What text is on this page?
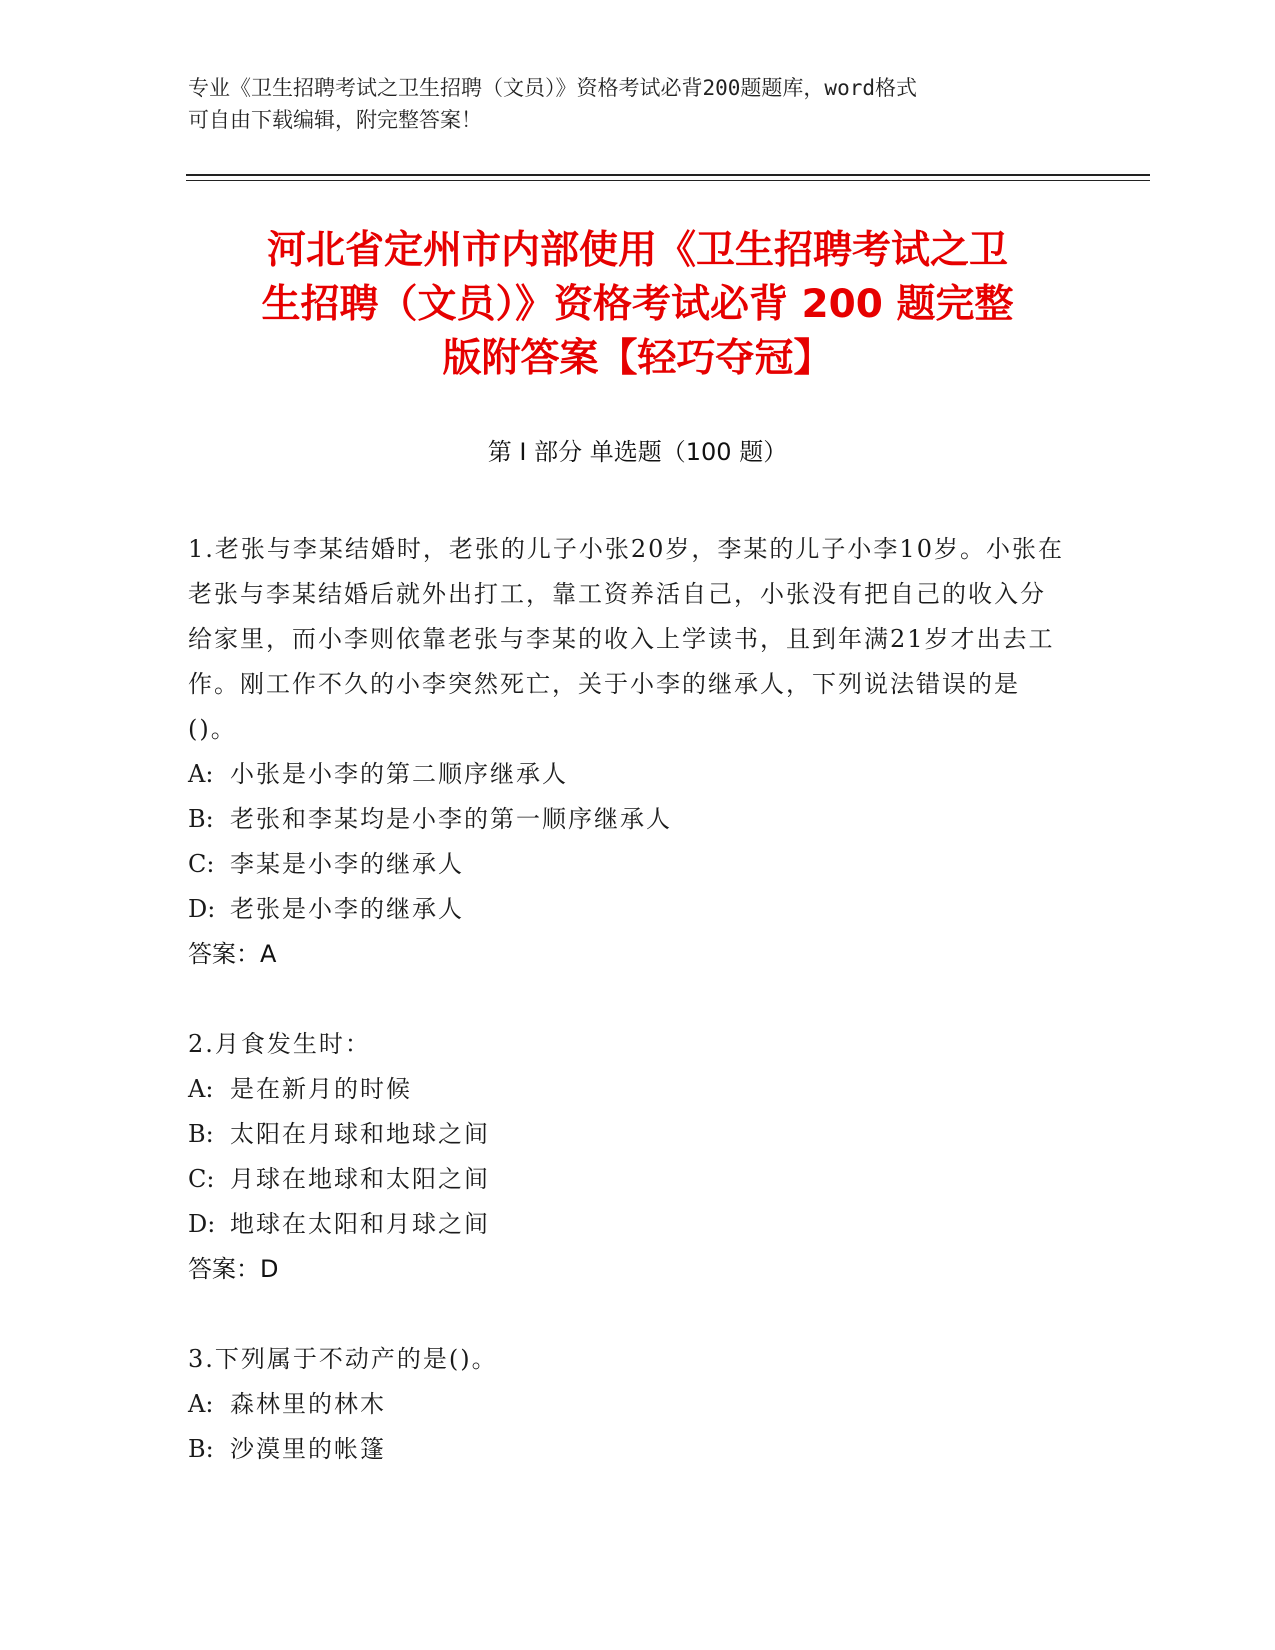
专业《卫生招聘考试之卫生招聘（文员）》资格考试必背200题题库，word格式
可自由下载编辑，附完整答案！
河北省定州市内部使用《卫生招聘考试之卫
生招聘（文员）》资格考试必背 200 题完整
版附答案【轻巧夺冠】
第 I 部分 单选题（100 题）
1.老张与李某结婚时，老张的儿子小张20岁，李某的儿子小李10岁。小张在老张与李某结婚后就外出打工，靠工资养活自己，小张没有把自己的收入分给家里，而小李则依靠老张与李某的收入上学读书，且到年满21岁才出去工作。刚工作不久的小李突然死亡，关于小李的继承人，下列说法错误的是()。
A: 小张是小李的第二顺序继承人
B: 老张和李某均是小李的第一顺序继承人
C: 李某是小李的继承人
D: 老张是小李的继承人
答案：A
2.月食发生时：
A: 是在新月的时候
B: 太阳在月球和地球之间
C: 月球在地球和太阳之间
D: 地球在太阳和月球之间
答案：D
3.下列属于不动产的是()。
A: 森林里的林木
B: 沙漠里的帐篷
